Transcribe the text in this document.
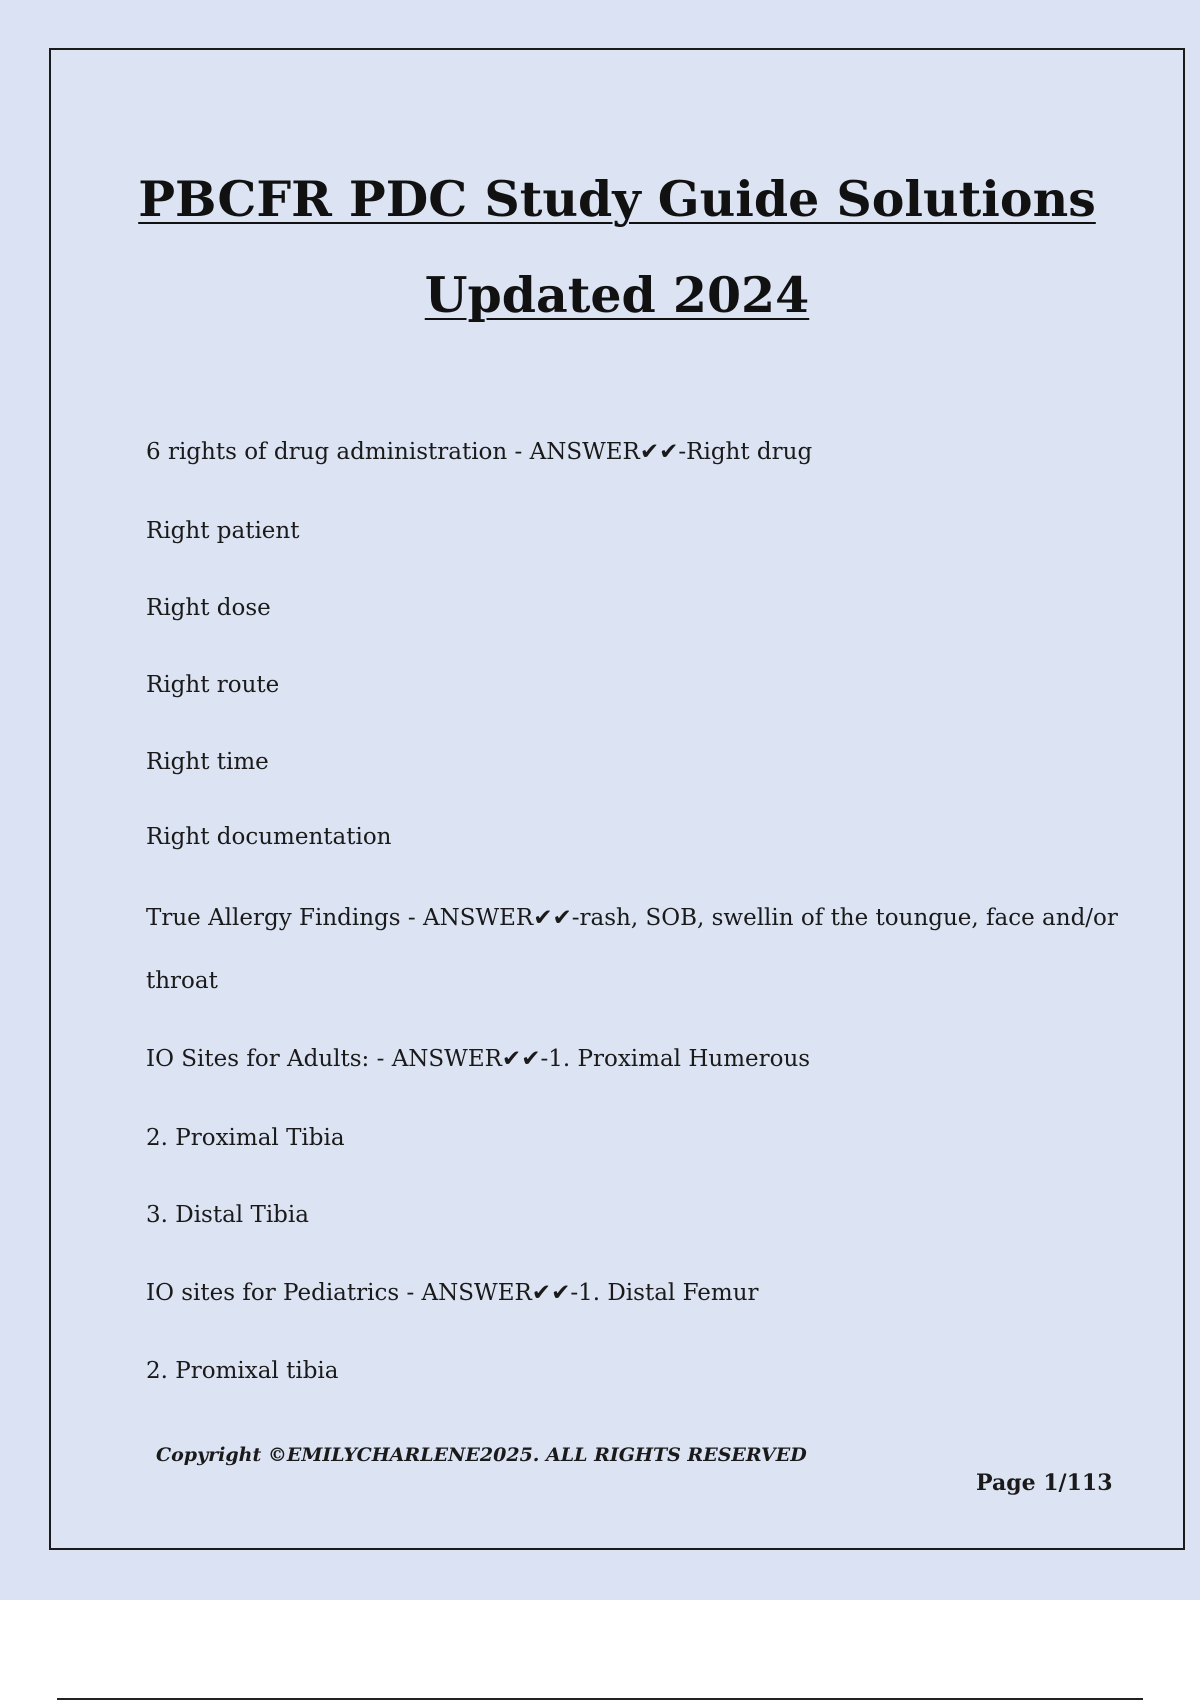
PBCFR PDC Study Guide Solutions
Updated 2024

6 rights of drug administration - ANSWER✔✔-Right drug

Right patient

Right dose

Right route

Right time

Right documentation

True Allergy Findings - ANSWER✔✔-rash, SOB, swellin of the toungue, face and/or

throat

IO Sites for Adults: - ANSWER✔✔-1. Proximal Humerous

2. Proximal Tibia

3. Distal Tibia

IO sites for Pediatrics - ANSWER✔✔-1. Distal Femur

2. Promixal tibia

Copyright ©EMILYCHARLENE2025. ALL RIGHTS RESERVED

Page 1/113
